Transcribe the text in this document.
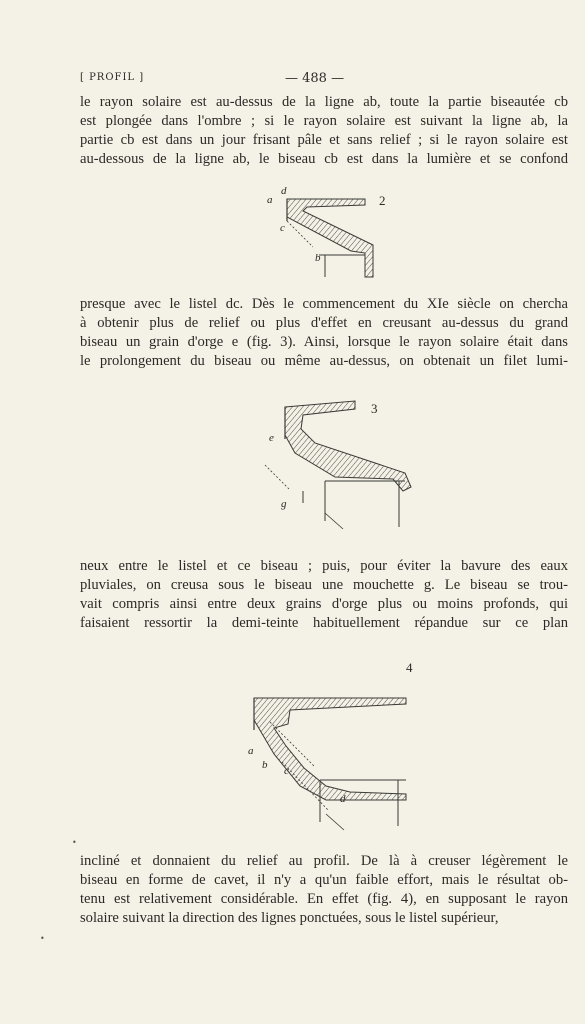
[ PROFIL ]	— 488 —
le rayon solaire est au-dessus de la ligne ab, toute la partie biseautée cb
est plongée dans l'ombre ; si le rayon solaire est suivant la ligne ab, la
partie cb est dans un jour frisant pâle et sans relief ; si le rayon solaire est
au-dessous de la ligne ab, le biseau cb est dans la lumière et se confond
a
d
c
b
2
presque avec le listel dc. Dès le commencement du XIe siècle on chercha
à obtenir plus de relief ou plus d'effet en creusant au-dessus du grand
biseau un grain d'orge e (fig. 3). Ainsi, lorsque le rayon solaire était dans
le prolongement du biseau ou même au-dessus, on obtenait un filet lumi-
e
g
3
neux entre le listel et ce biseau ; puis, pour éviter la bavure des eaux
pluviales, on creusa sous le biseau une mouchette g. Le biseau se trou-
vait compris ainsi entre deux grains d'orge plus ou moins profonds, qui
faisaient ressortir la demi-teinte habituellement répandue sur ce plan
a
b c
d
4
incliné et donnaient du relief au profil. De là à creuser légèrement le
biseau en forme de cavet, il n'y a qu'un faible effort, mais le résultat ob-
tenu est relativement considérable. En effet (fig. 4), en supposant le rayon
solaire suivant la direction des lignes ponctuées, sous le listel supérieur,
•
•
